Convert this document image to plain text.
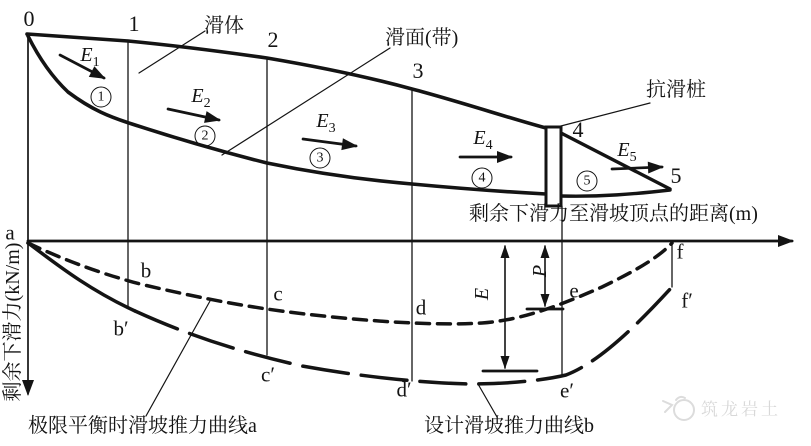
0	1
2
3
4
5
滑体
滑面(带)
抗滑桩
$E_1$
$E_2$
$E_3$	$E_4$	$E_5$
1
2
3
4	5
剩余下滑力至滑坡顶点的距离(m)
剩余下滑力(kN/m)
a
b
c
d
e
f
b′
c′
d′	e′
f′
E
P
极限平衡时滑坡推力曲线a	设计滑坡推力曲线b
筑龙岩土
